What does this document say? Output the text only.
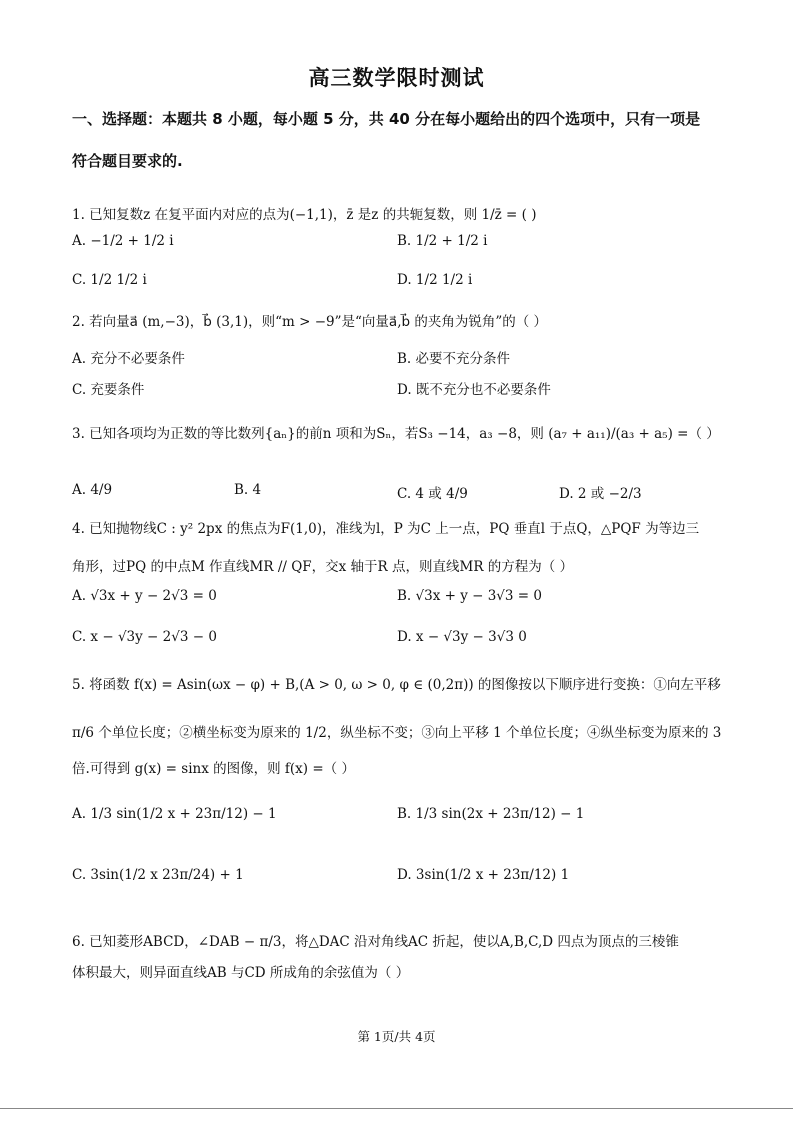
高三数学限时测试
一、选择题：本题共 8 小题，每小题 5 分，共 40 分在每小题给出的四个选项中，只有一项是
符合题目要求的.
1. 已知复数z 在复平面内对应的点为(−1,1)，z̄ 是z 的共轭复数，则 1/z̄ = ( )
A. −1/2 + 1/2 i	B. 1/2 + 1/2 i
C. 1/2 1/2 i	D. 1/2 1/2 i
2. 若向量a⃗ (m,−3)，b⃗ (3,1)，则“m > −9”是“向量a⃗,b⃗ 的夹角为锐角”的（ ）
A. 充分不必要条件	B. 必要不充分条件
C. 充要条件	D. 既不充分也不必要条件
3. 已知各项均为正数的等比数列{aₙ}的前n 项和为Sₙ，若S₃ −14，a₃ −8，则 (a₇ + a₁₁)/(a₃ + a₅) =（ ）
A. 4/9	B. 4	C. 4 或 4/9	D. 2 或 −2/3
4. 已知抛物线C : y² 2px 的焦点为F(1,0)，准线为l，P 为C 上一点，PQ 垂直l 于点Q，△PQF 为等边三
角形，过PQ 的中点M 作直线MR // QF，交x 轴于R 点，则直线MR 的方程为（ ）
A. √3x + y − 2√3 = 0	B. √3x + y − 3√3 = 0
C. x − √3y − 2√3 − 0	D. x − √3y − 3√3 0
5. 将函数 f(x) = Asin(ωx − φ) + B,(A > 0, ω > 0, φ ∈ (0,2π)) 的图像按以下顺序进行变换：①向左平移
π/6 个单位长度；②横坐标变为原来的 1/2，纵坐标不变；③向上平移 1 个单位长度；④纵坐标变为原来的 3
倍.可得到 g(x) = sinx 的图像，则 f(x) =（ ）
A. 1/3 sin(1/2 x + 23π/12) − 1	B. 1/3 sin(2x + 23π/12) − 1
C. 3sin(1/2 x 23π/24) + 1	D. 3sin(1/2 x + 23π/12) 1
6. 已知菱形ABCD，∠DAB − π/3，将△DAC 沿对角线AC 折起，使以A,B,C,D 四点为顶点的三棱锥
体积最大，则异面直线AB 与CD 所成角的余弦值为（ ）
第 1页/共 4页
